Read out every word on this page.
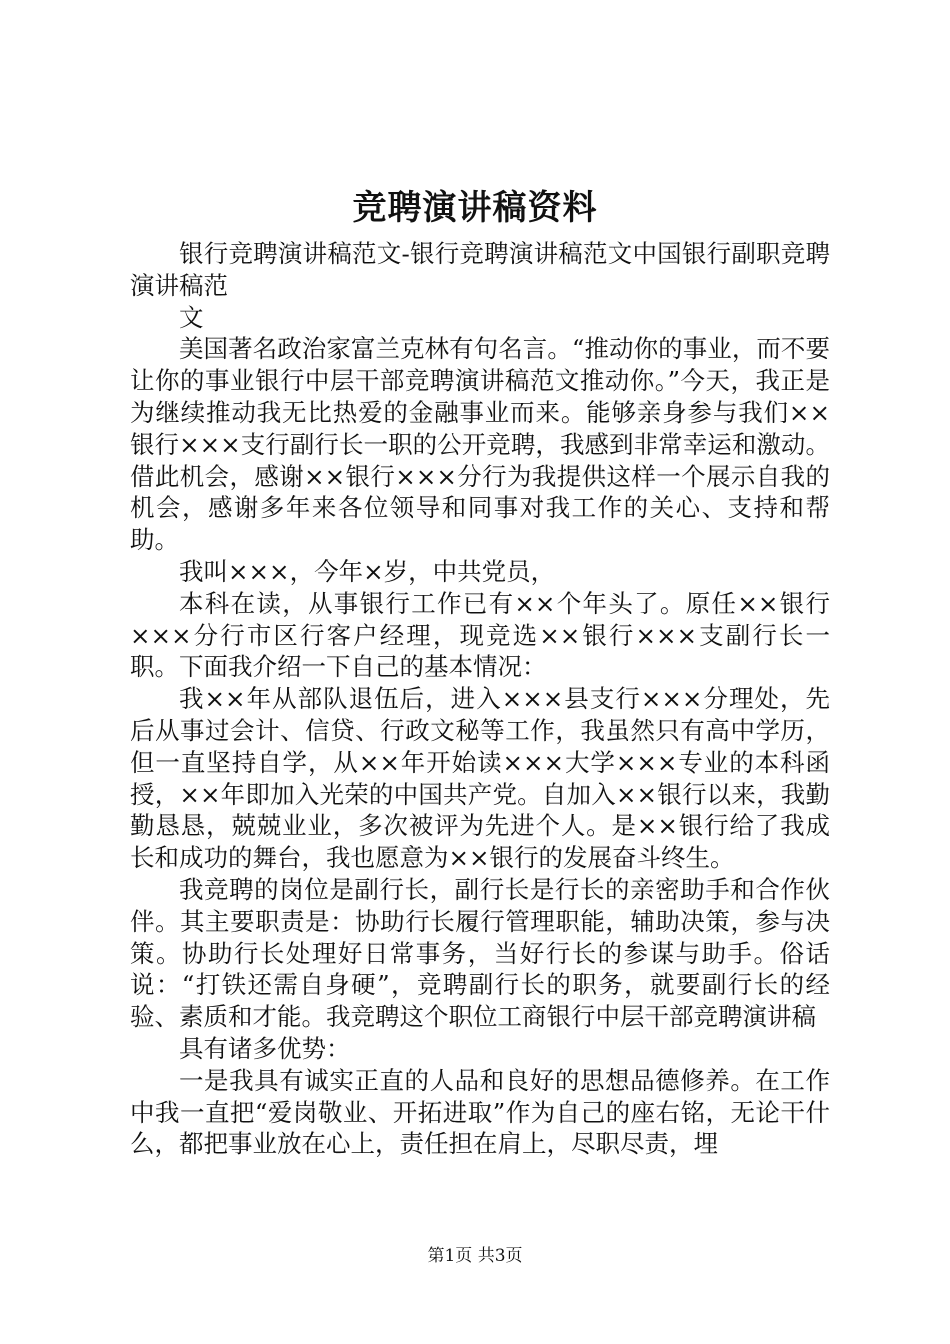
竞聘演讲稿资料

银行竞聘演讲稿范文-银行竞聘演讲稿范文中国银行副职竞聘演讲稿范

文

美国著名政治家富兰克林有句名言。“推动你的事业，而不要让你的事业银行中层干部竞聘演讲稿范文推动你。”今天，我正是为继续推动我无比热爱的金融事业而来。能够亲身参与我们××银行×××支行副行长一职的公开竞聘，我感到非常幸运和激动。借此机会，感谢××银行×××分行为我提供这样一个展示自我的机会，感谢多年来各位领导和同事对我工作的关心、支持和帮助。

我叫×××，今年×岁，中共党员，

本科在读，从事银行工作已有××个年头了。原任××银行×××分行市区行客户经理，现竞选××银行×××支副行长一职。下面我介绍一下自己的基本情况：

我××年从部队退伍后，进入×××县支行×××分理处，先后从事过会计、信贷、行政文秘等工作，我虽然只有高中学历，但一直坚持自学，从××年开始读×××大学×××专业的本科函授，××年即加入光荣的中国共产党。自加入××银行以来，我勤勤恳恳，兢兢业业，多次被评为先进个人。是××银行给了我成长和成功的舞台，我也愿意为××银行的发展奋斗终生。

我竞聘的岗位是副行长，副行长是行长的亲密助手和合作伙伴。其主要职责是：协助行长履行管理职能，辅助决策，参与决策。协助行长处理好日常事务，当好行长的参谋与助手。俗话说：“打铁还需自身硬”，竞聘副行长的职务，就要副行长的经验、素质和才能。我竞聘这个职位工商银行中层干部竞聘演讲稿

具有诸多优势：

一是我具有诚实正直的人品和良好的思想品德修养。在工作中我一直把“爱岗敬业、开拓进取”作为自己的座右铭，无论干什么，都把事业放在心上，责任担在肩上，尽职尽责，埋

第1页 共3页
